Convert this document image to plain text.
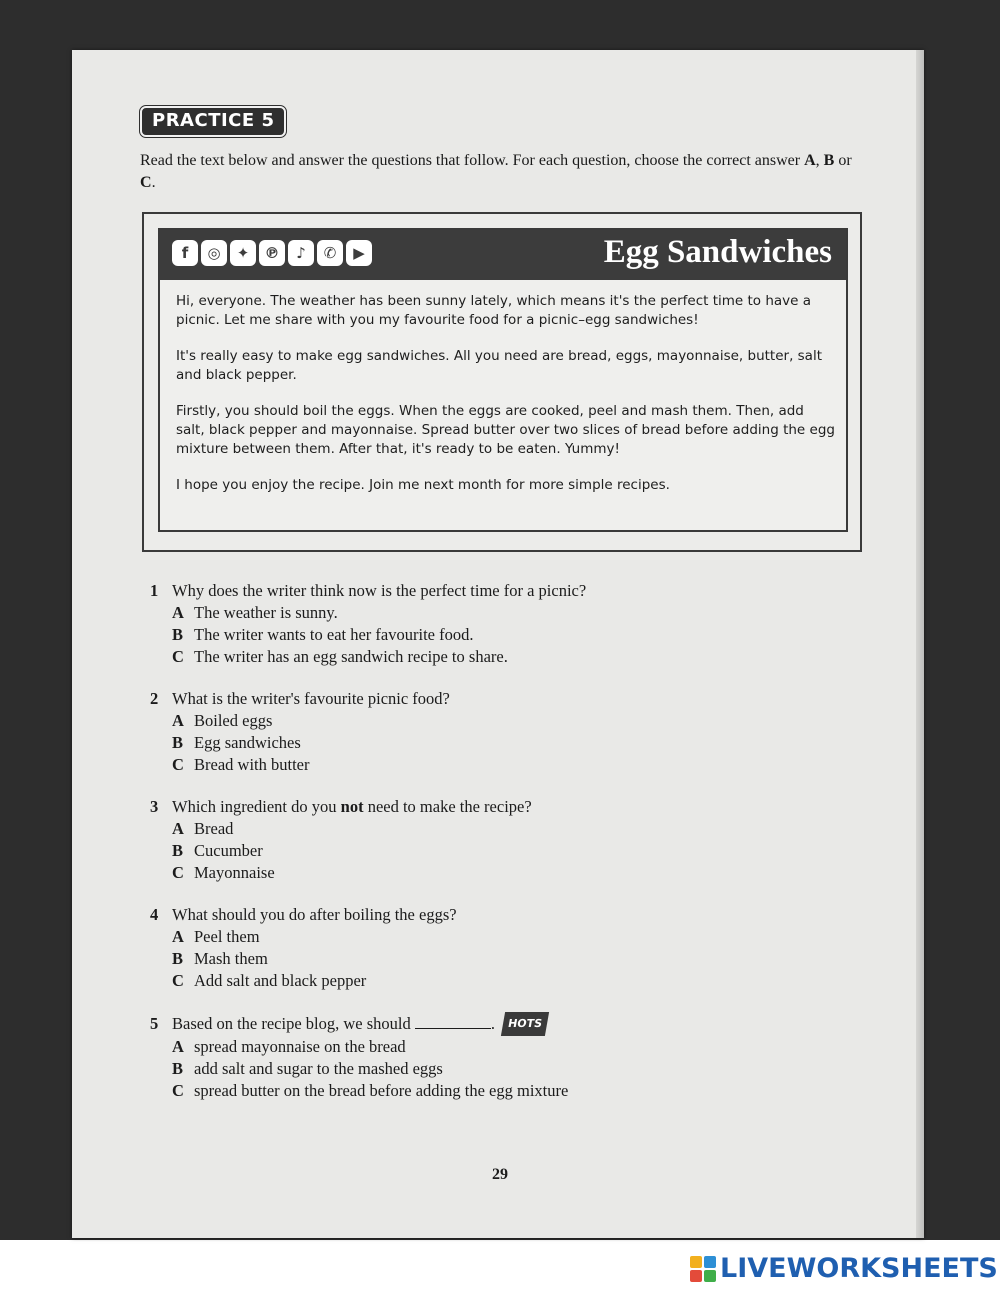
PRACTICE 5
Read the text below and answer the questions that follow. For each question, choose the correct answer A, B or C.
f	◎	✦	℗	♪	✆	▶	Egg Sandwiches

Hi, everyone. The weather has been sunny lately, which means it's the perfect time to have a picnic. Let me share with you my favourite food for a picnic–egg sandwiches!

It's really easy to make egg sandwiches. All you need are bread, eggs, mayonnaise, butter, salt and black pepper.

Firstly, you should boil the eggs. When the eggs are cooked, peel and mash them. Then, add salt, black pepper and mayonnaise. Spread butter over two slices of bread before adding the egg mixture between them. After that, it's ready to be eaten. Yummy!

I hope you enjoy the recipe. Join me next month for more simple recipes.

1 Why does the writer think now is the perfect time for a picnic?
A The weather is sunny.
B The writer wants to eat her favourite food.
C The writer has an egg sandwich recipe to share.
2 What is the writer's favourite picnic food?
A Boiled eggs
B Egg sandwiches
C Bread with butter
3 Which ingredient do you not need to make the recipe?
A Bread
B Cucumber
C Mayonnaise
4 What should you do after boiling the eggs?
A Peel them
B Mash them
C Add salt and black pepper
5 Based on the recipe blog, we should	. HOTS
A spread mayonnaise on the bread
B add salt and sugar to the mashed eggs
C spread butter on the bread before adding the egg mixture
29
LIVEWORKSHEETS
